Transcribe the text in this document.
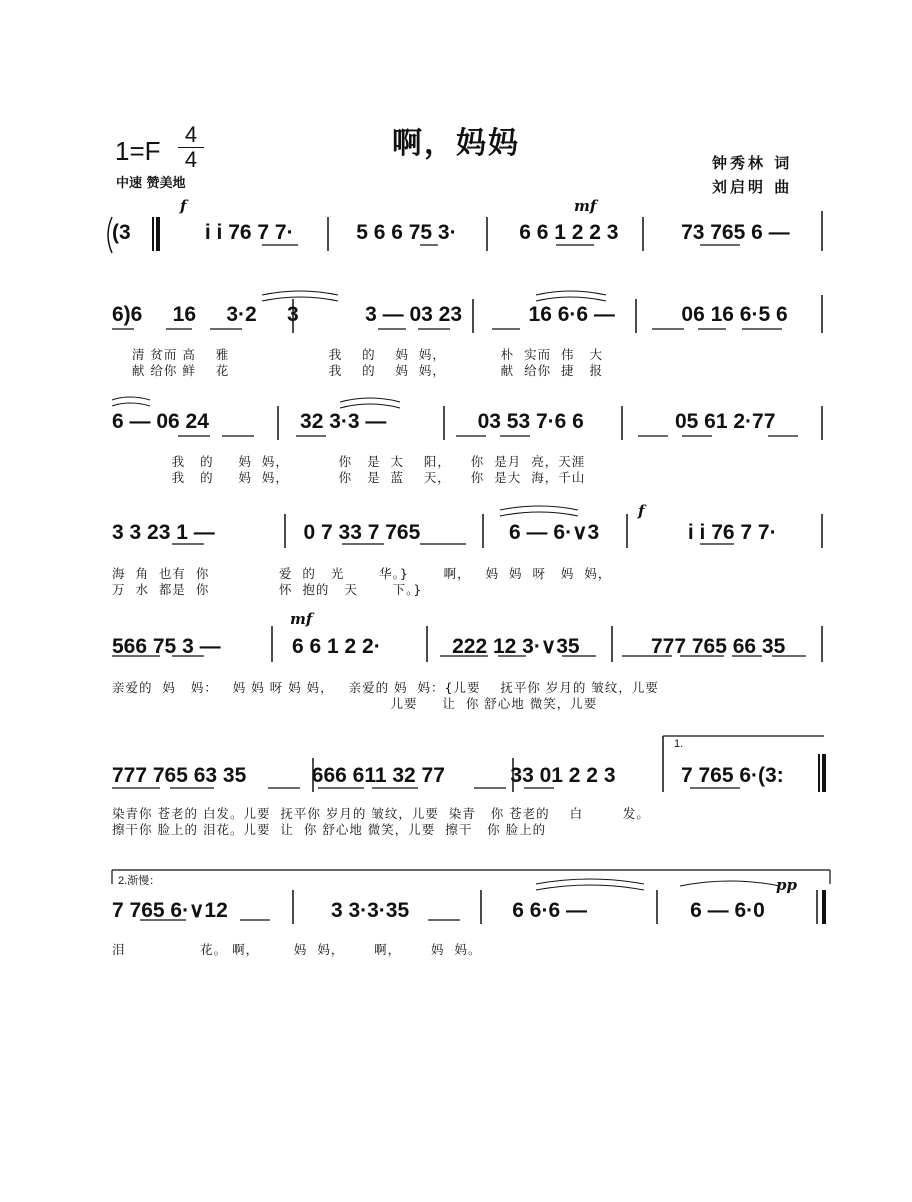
啊，妈妈
1=F
4
4
中速 赞美地
钟秀林 词
刘启明 曲
f	mf
(3	i i 76 7 7·	5 6 6 75 3·	6 6 1 2 2 3	73 765 6 —
6)6 16 3·2 3	3 — 03 23	16 6·6 —	06 16 6·5 6
清 贫而 高    雅                    我    的    妈  妈，           朴  实而  伟   大
献 给你 鲜    花                    我    的    妈  妈，           献  给你  捷   报
6 — 06 24	32 3·3 —	03 53 7·6 6	05 61 2·77
我   的     妈  妈，          你   是  太    阳，    你  是月  亮，天涯
我   的     妈  妈，          你   是  蓝    天，    你  是大  海，千山
f
3 3 23 1 —	0 7 33 7 765	6 — 6·∨3	i i 76 7 7·
海  角  也有  你              爱  的   光       华。}       啊，   妈  妈  呀   妈  妈，
万  水  都是  你              怀  抱的   天       下。}
mf
566 75 3 —	6 6 1 2 2·	222 12 3·∨35	777 765 66 35
亲爱的  妈   妈：   妈 妈 呀 妈 妈，   亲爱的 妈  妈：{儿要    抚平你 岁月的 皱纹，儿要
儿要     让  你 舒心地 微笑，儿要
1.
777 765 63 35	666 611 32 77	33 01 2 2 3	7 765 6·(3:
染青你 苍老的 白发。儿要  抚平你 岁月的 皱纹，儿要  染青   你 苍老的    白        发。
擦干你 脸上的 泪花。儿要  让  你 舒心地 微笑，儿要  擦干   你 脸上的
2.渐慢：	pp
7 765 6·∨12	3 3·3·35	6 6·6 —	6 — 6·0
泪               花。 啊，       妈  妈，      啊，      妈  妈。
